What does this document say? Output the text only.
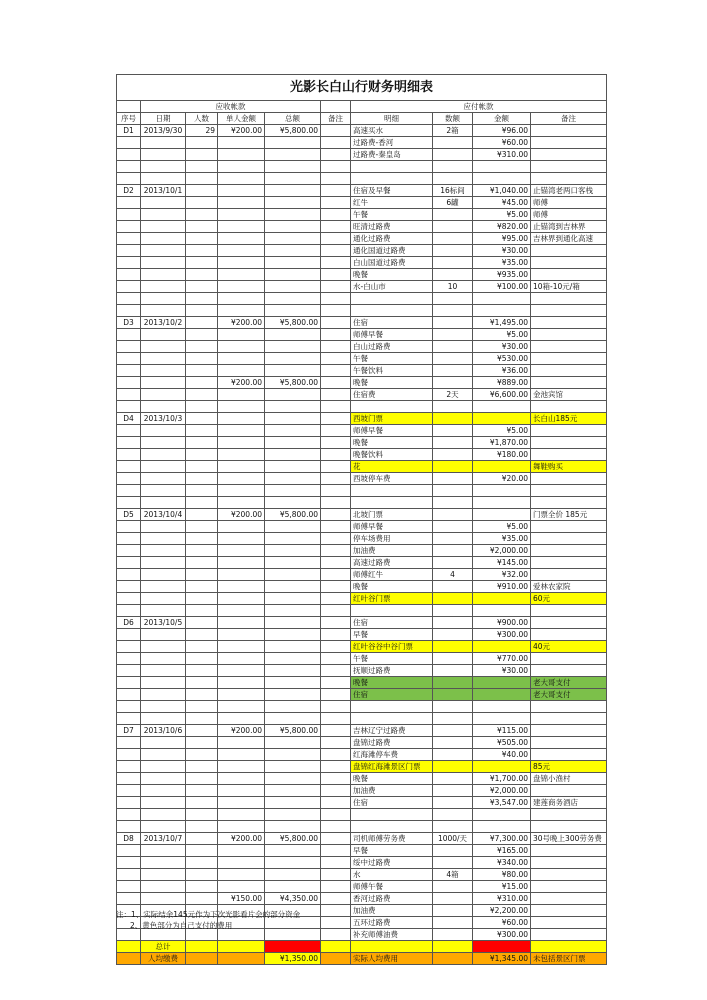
光影长白山行财务明细表									
	应收帐款					应付帐款			
序号	日期	人数	单人金额	总额	备注	明细	数额	金额	备注
D1	2013/9/30	29	¥200.00	¥5,800.00		高速买水	2箱	¥96.00	
						过路费-香河		¥60.00	
						过路费-秦皇岛		¥310.00	

D2	2013/10/1					住宿及早餐	16标间	¥1,040.00	止锚湾老两口客栈
						红牛	6罐	¥45.00	师傅
						午餐		¥5.00	师傅
						旺清过路费		¥820.00	止锚湾到吉林界
						通化过路费		¥95.00	吉林界到通化高速
						通化国道过路费		¥30.00	
						白山国道过路费		¥35.00	
						晚餐		¥935.00	
						水-白山市	10	¥100.00	10箱-10元/箱

D3	2013/10/2		¥200.00	¥5,800.00		住宿		¥1,495.00	
						师傅早餐		¥5.00	
						白山过路费		¥30.00	
						午餐		¥530.00	
						午餐饮料		¥36.00	
			¥200.00	¥5,800.00		晚餐		¥889.00	
						住宿费	2天	¥6,600.00	金池宾馆

D4	2013/10/3					西坡门票			长白山185元
						师傅早餐		¥5.00	
						晚餐		¥1,870.00	
						晚餐饮料		¥180.00	
						花			舞鞋购买
						西坡停车费		¥20.00	

D5	2013/10/4		¥200.00	¥5,800.00		北坡门票			门票全价 185元
						师傅早餐		¥5.00	
						停车场费用		¥35.00	
						加油费		¥2,000.00	
						高速过路费		¥145.00	
						师傅红牛	4	¥32.00	
						晚餐		¥910.00	爱林农家院
						红叶谷门票			60元

D6	2013/10/5					住宿		¥900.00	
						早餐		¥300.00	
						红叶谷谷中谷门票			40元
						午餐		¥770.00	
						抚顺过路费		¥30.00	
						晚餐			老大哥支付
						住宿			老大哥支付

D7	2013/10/6		¥200.00	¥5,800.00		吉林辽宁过路费		¥115.00	
						盘锦过路费		¥505.00	
						红海滩停车费		¥40.00	
						盘锦红海滩景区门票			85元
						晚餐		¥1,700.00	盘锦小渔村
						加油费		¥2,000.00	
						住宿		¥3,547.00	建莲商务酒店

D8	2013/10/7		¥200.00	¥5,800.00		司机师傅劳务费	1000/天	¥7,300.00	30号晚上300劳务费
						早餐		¥165.00	
						绥中过路费		¥340.00	
						水	4箱	¥80.00	
						师傅午餐		¥15.00	
			¥150.00	¥4,350.00		香河过路费		¥310.00	
						加油费		¥2,200.00	
						五环过路费		¥60.00	
						补充师傅油费		¥300.00	
	总计			¥58,150.00				¥58,008.00	
	人均缴费			¥1,350.00		实际人均费用		¥1,345.00	未包括景区门票
注：1、实际结余145元作为下次光影看片会的部分资金
2、黄色部分为自己支付的费用
